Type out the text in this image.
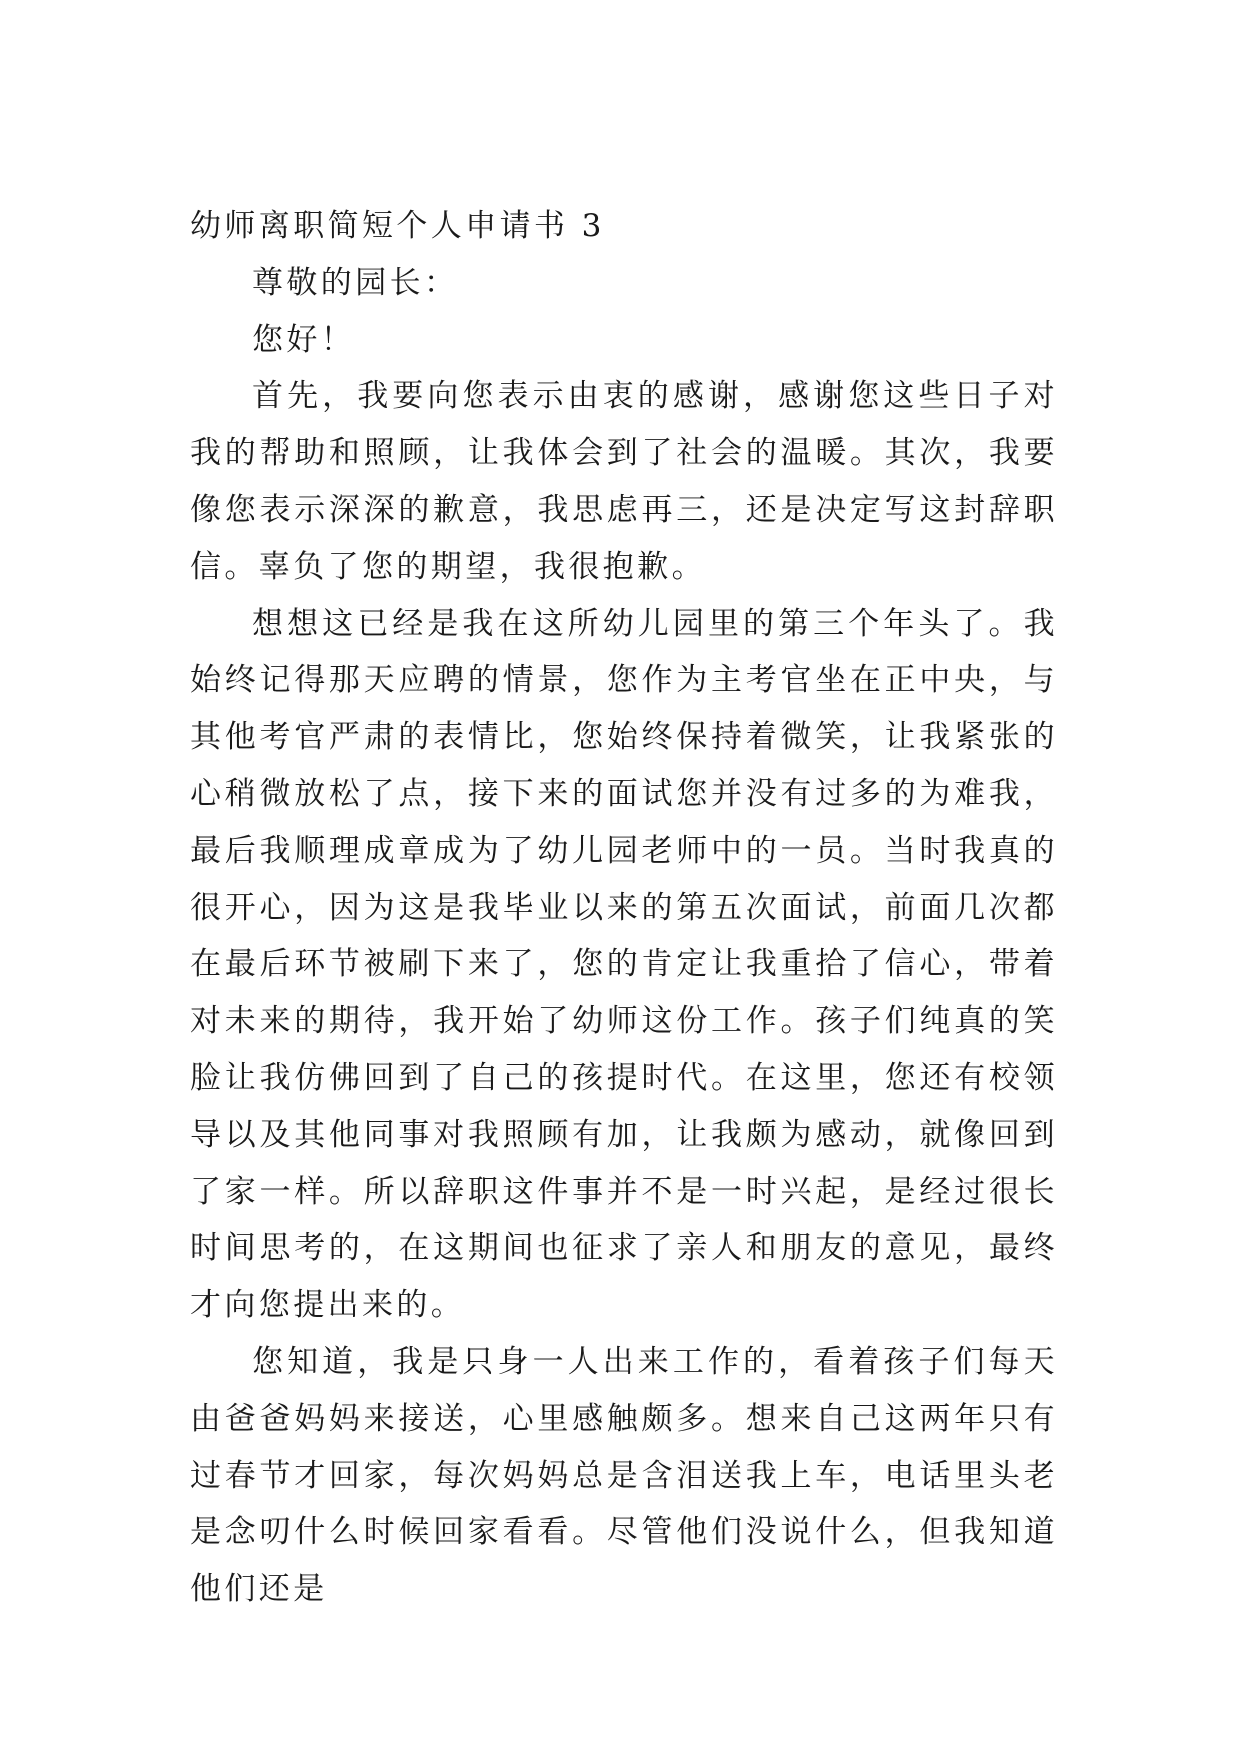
幼师离职简短个人申请书 3

尊敬的园长：

您好！

首先，我要向您表示由衷的感谢，感谢您这些日子对我的帮助和照顾，让我体会到了社会的温暖。其次，我要像您表示深深的歉意，我思虑再三，还是决定写这封辞职信。辜负了您的期望，我很抱歉。

想想这已经是我在这所幼儿园里的第三个年头了。我始终记得那天应聘的情景，您作为主考官坐在正中央，与其他考官严肃的表情比，您始终保持着微笑，让我紧张的心稍微放松了点，接下来的面试您并没有过多的为难我，最后我顺理成章成为了幼儿园老师中的一员。当时我真的很开心，因为这是我毕业以来的第五次面试，前面几次都在最后环节被刷下来了，您的肯定让我重拾了信心，带着对未来的期待，我开始了幼师这份工作。孩子们纯真的笑脸让我仿佛回到了自己的孩提时代。在这里，您还有校领导以及其他同事对我照顾有加，让我颇为感动，就像回到了家一样。所以辞职这件事并不是一时兴起，是经过很长时间思考的，在这期间也征求了亲人和朋友的意见，最终才向您提出来的。

您知道，我是只身一人出来工作的，看着孩子们每天由爸爸妈妈来接送，心里感触颇多。想来自己这两年只有过春节才回家，每次妈妈总是含泪送我上车，电话里头老是念叨什么时候回家看看。尽管他们没说什么，但我知道他们还是
